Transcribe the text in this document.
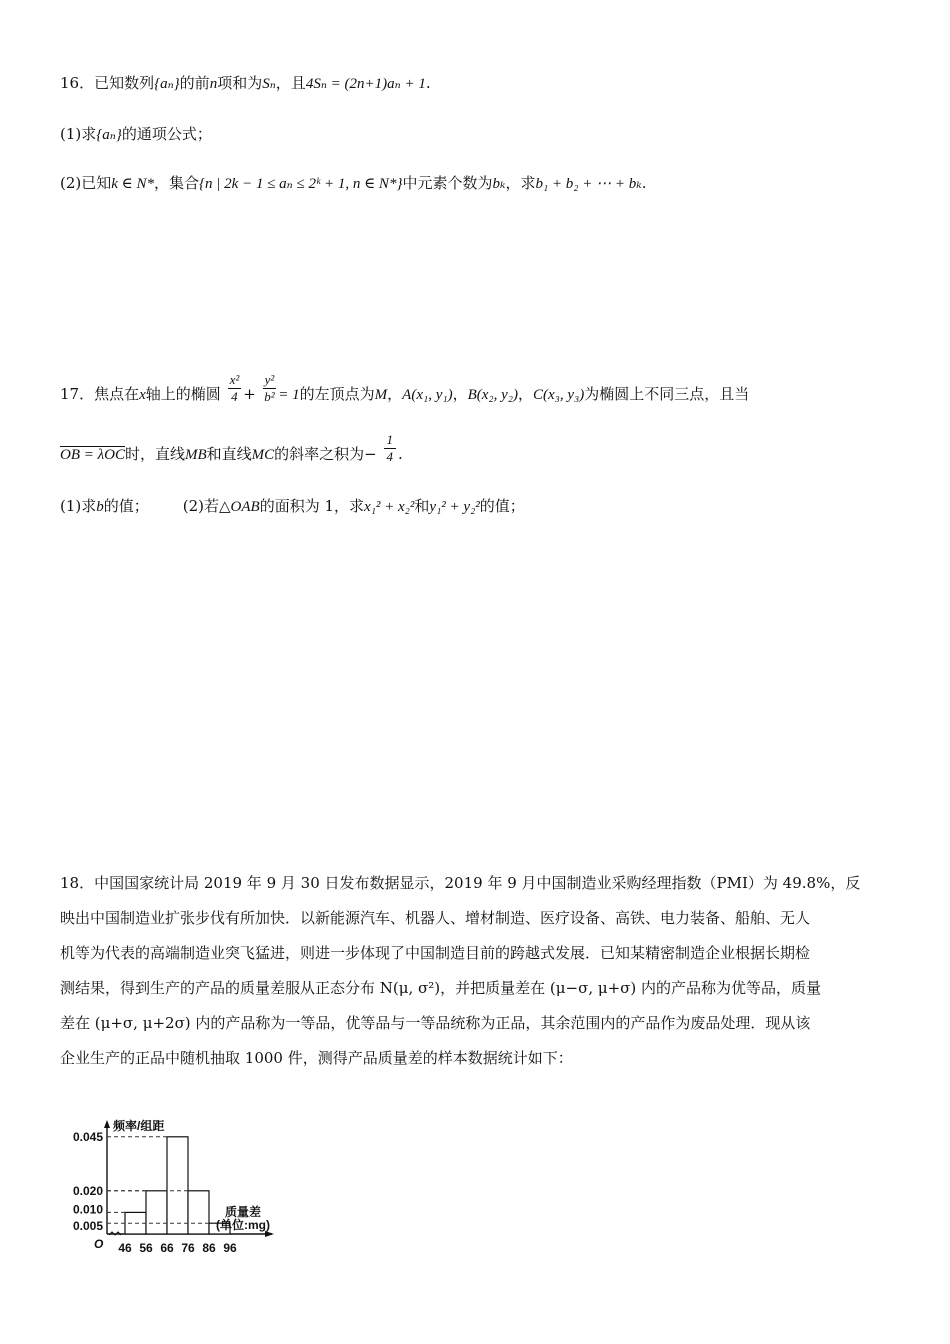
16．已知数列{aₙ}的前n项和为Sₙ，且4Sₙ = (2n+1)aₙ + 1.
(1)求{aₙ}的通项公式；
(2)已知k ∈ N*，集合{n | 2k − 1 ≤ aₙ ≤ 2ᵏ + 1, n ∈ N*}中元素个数为bₖ，求b₁ + b₂ + ⋯ + bₖ.
17．焦点在x轴上的椭圆 $\frac{\text{x²}}{4} + \frac{\text{y²}}{\text{b²}} = 1$的左顶点为M，A(x₁, y₁)，B(x₂, y₂)，C(x₃, y₃)为椭圆上不同三点，且当
OB = λOC时，直线MB和直线MC的斜率之积为− $\frac{1}{4}$ .
(1)求b的值； (2)若△OAB的面积为 1，求x₁² + x₂²和y₁² + y₂²的值；
18．中国国家统计局 2019 年 9 月 30 日发布数据显示，2019 年 9 月中国制造业采购经理指数（PMI）为 49.8%，反
映出中国制造业扩张步伐有所加快．以新能源汽车、机器人、增材制造、医疗设备、高铁、电力装备、船舶、无人
机等为代表的高端制造业突飞猛进，则进一步体现了中国制造目前的跨越式发展．已知某精密制造企业根据长期检
测结果，得到生产的产品的质量差服从正态分布 N(μ, σ²)，并把质量差在 (μ−σ, μ+σ) 内的产品称为优等品，质量
差在 (μ+σ, μ+2σ) 内的产品称为一等品，优等品与一等品统称为正品，其余范围内的产品作为废品处理．现从该
企业生产的正品中随机抽取 1000 件，测得产品质量差的样本数据统计如下：
0.045
0.020
0.010
0.005
46 56 66 76 86 96
O
频率/组距
质量差
(单位:mg)
